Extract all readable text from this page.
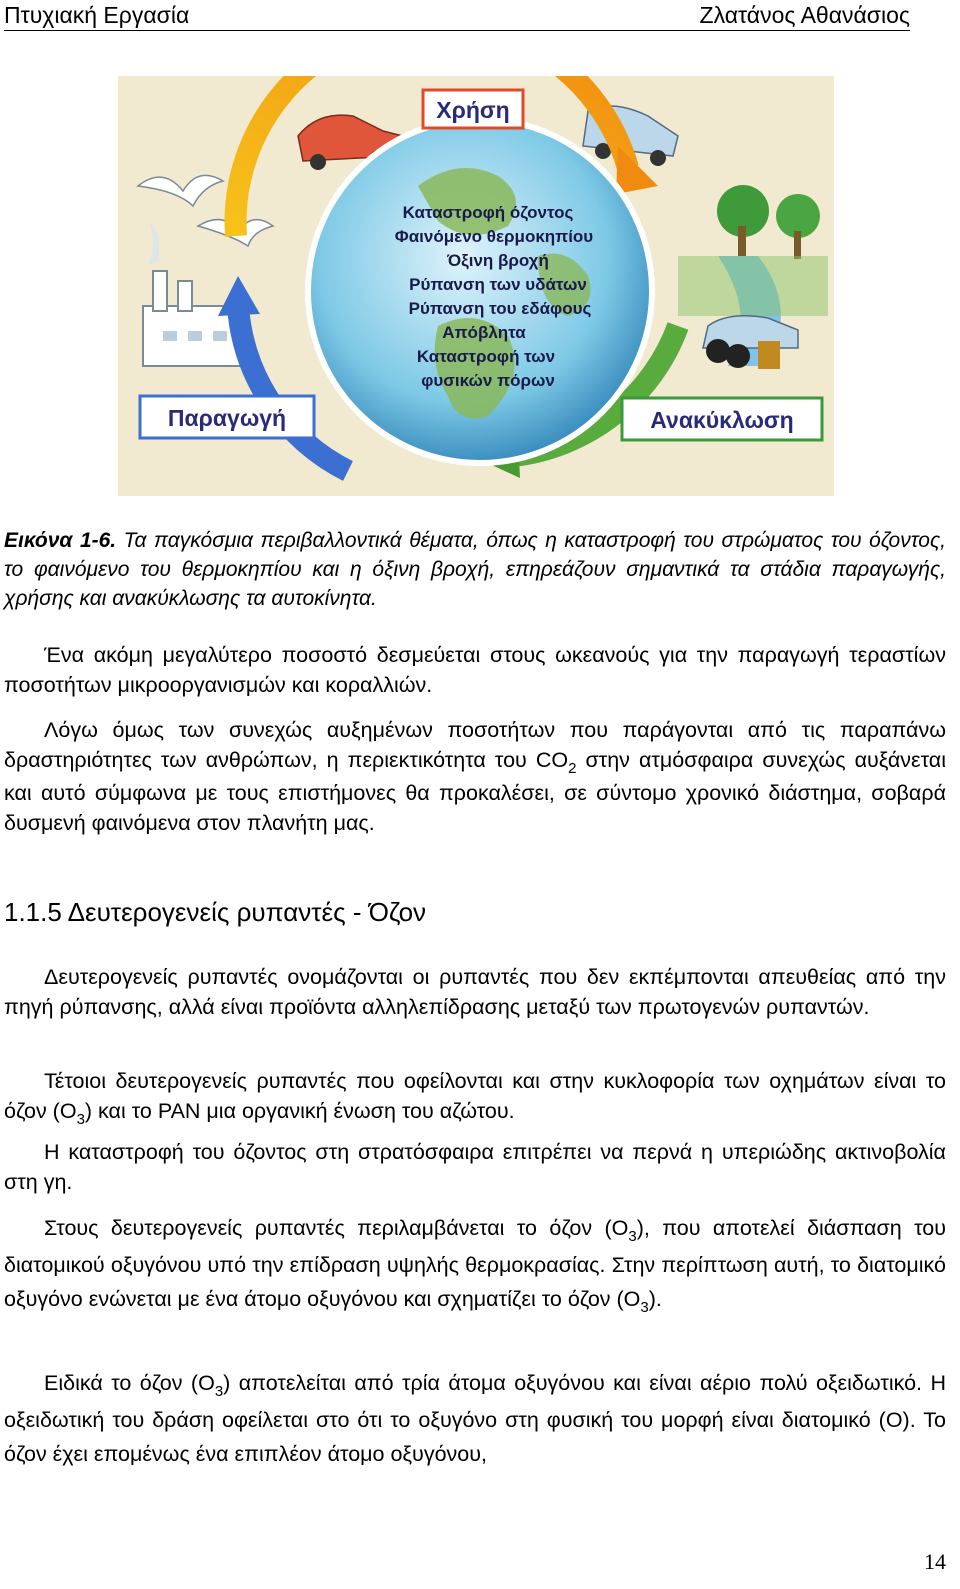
Πτυχιακή Εργασία	Ζλατάνος Αθανάσιος
Χρήση
Παραγωγή	Ανακύκλωση
Καταστροφή όζοντος
Φαινόμενο θερμοκηπίου
Όξινη βροχή
Ρύπανση των υδάτων
Ρύπανση του εδάφους
Απόβλητα
Καταστροφή των
φυσικών πόρων
Εικόνα 1-6. Τα παγκόσμια περιβαλλοντικά θέματα, όπως η καταστροφή του στρώματος του όζοντος, το φαινόμενο του θερμοκηπίου και η όξινη βροχή, επηρεάζουν σημαντικά τα στάδια παραγωγής, χρήσης και ανακύκλωσης τα αυτοκίνητα.
Ένα ακόμη μεγαλύτερο ποσοστό δεσμεύεται στους ωκεανούς για την παραγωγή τεραστίων ποσοτήτων μικροοργανισμών και κοραλλιών.
Λόγω όμως των συνεχώς αυξημένων ποσοτήτων που παράγονται από τις παραπάνω δραστηριότητες των ανθρώπων, η περιεκτικότητα του $CO_2$ στην ατμόσφαιρα συνεχώς αυξάνεται και αυτό σύμφωνα με τους επιστήμονες θα προκαλέσει, σε σύντομο χρονικό διάστημα, σοβαρά δυσμενή φαινόμενα στον πλανήτη μας.
1.1.5 Δευτερογενείς ρυπαντές - Όζον
Δευτερογενείς ρυπαντές ονομάζονται οι ρυπαντές που δεν εκπέμπονται απευθείας από την πηγή ρύπανσης, αλλά είναι προϊόντα αλληλεπίδρασης μεταξύ των πρωτογενών ρυπαντών.
Τέτοιοι δευτερογενείς ρυπαντές που οφείλονται και στην κυκλοφορία των οχημάτων είναι το όζον $(O_3)$ και το PAN μια οργανική ένωση του αζώτου.
Η καταστροφή του όζοντος στη στρατόσφαιρα επιτρέπει να περνά η υπεριώδης ακτινοβολία στη γη.
Στους δευτερογενείς ρυπαντές περιλαμβάνεται το όζον $(O_3)$, που αποτελεί διάσπαση του διατομικού οξυγόνου υπό την επίδραση υψηλής θερμοκρασίας. Στην περίπτωση αυτή, το διατομικό οξυγόνο ενώνεται με ένα άτομο οξυγόνου και σχηματίζει το όζον $(O_3)$.
Ειδικά το όζον $(O_3)$ αποτελείται από τρία άτομα οξυγόνου και είναι αέριο πολύ οξειδωτικό. Η οξειδωτική του δράση οφείλεται στο ότι το οξυγόνο στη φυσική του μορφή είναι διατομικό (Ο). Το όζον έχει επομένως ένα επιπλέον άτομο οξυγόνου,
14
